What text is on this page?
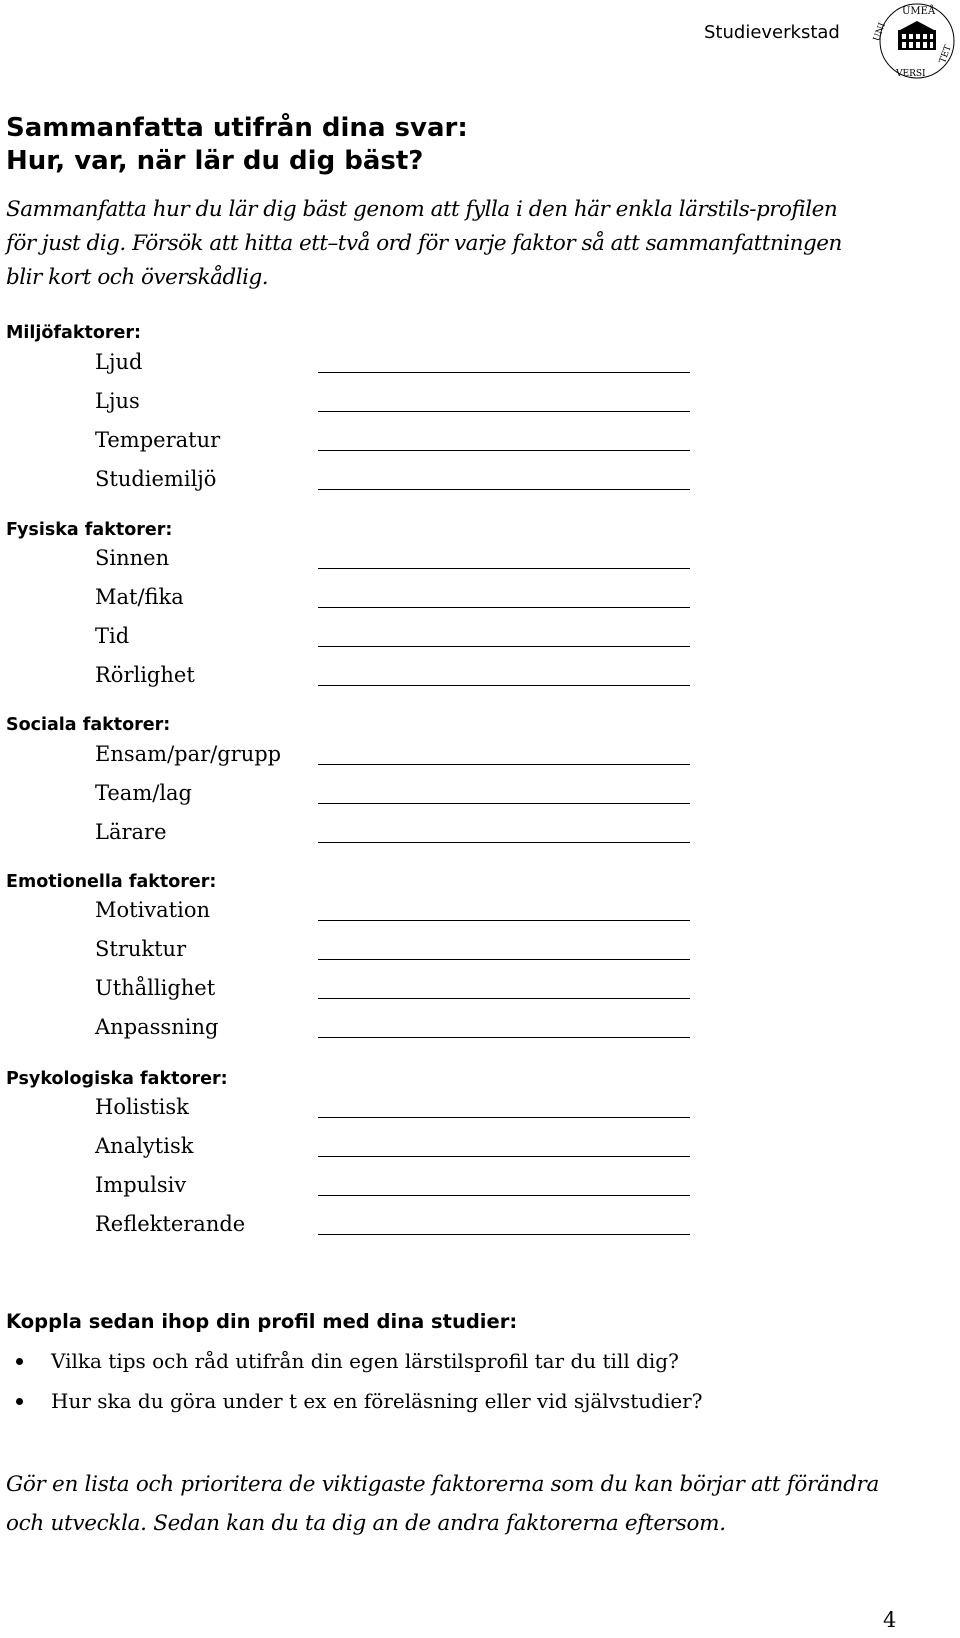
Studieverkstad
UMEÅ
UNI
VERSI
TET
Sammanfatta utifrån dina svar:
Hur, var, när lär du dig bäst?

Sammanfatta hur du lär dig bäst genom att fylla i den här enkla lärstils-profilen för just dig. Försök att hitta ett–två ord för varje faktor så att sammanfattningen blir kort och överskådlig.

Miljöfaktorer:
Ljud
Ljus
Temperatur
Studiemiljö
Fysiska faktorer:
Sinnen
Mat/fika
Tid
Rörlighet
Sociala faktorer:
Ensam/par/grupp
Team/lag
Lärare
Emotionella faktorer:
Motivation
Struktur
Uthållighet
Anpassning
Psykologiska faktorer:
Holistisk
Analytisk
Impulsiv
Reflekterande
Koppla sedan ihop din profil med dina studier:
Vilka tips och råd utifrån din egen lärstilsprofil tar du till dig?
Hur ska du göra under t ex en föreläsning eller vid självstudier?

Gör en lista och prioritera de viktigaste faktorerna som du kan börjar att förändra och utveckla. Sedan kan du ta dig an de andra faktorerna eftersom.

4
